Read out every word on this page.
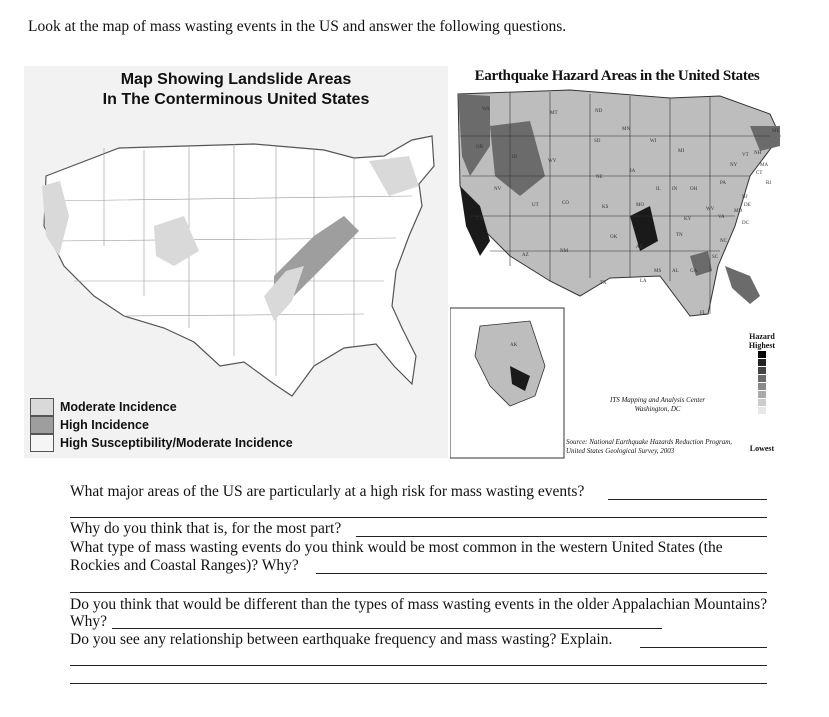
Look at the map of mass wasting events in the US and answer the following questions.
Map Showing Landslide Areas
In The Conterminous United States
Moderate Incidence
High Incidence
High Susceptibility/Moderate Incidence
Earthquake Hazard Areas in the United States
WA
MT	ND
MN	ME
OR
ID
SD	WI
MI
VT NH
WY
IA
NY	MA
NV
NE
IL IN	OH
PA
CT
RI
UT	CO
KS	MO
KY
WV
NJ
DE
CA	VA
MD
DC
OK	TN
NC
AZ
NM
AR
SC
MS AL GA
TX	LA
FL
AK
ITS Mapping and Analysis Center
Washington, DC
Source: National Earthquake Hazards Reduction Program,
United States Geological Survey, 2003
Hazard
Highest
Lowest
What major areas of the US are particularly at a high risk for mass wasting events?
Why do you think that is, for the most part?
What type of mass wasting events do you think would be most common in the western United States (the
Rockies and Coastal Ranges)? Why?
Do you think that would be different than the types of mass wasting events in the older Appalachian Mountains?
Why?
Do you see any relationship between earthquake frequency and mass wasting? Explain.
